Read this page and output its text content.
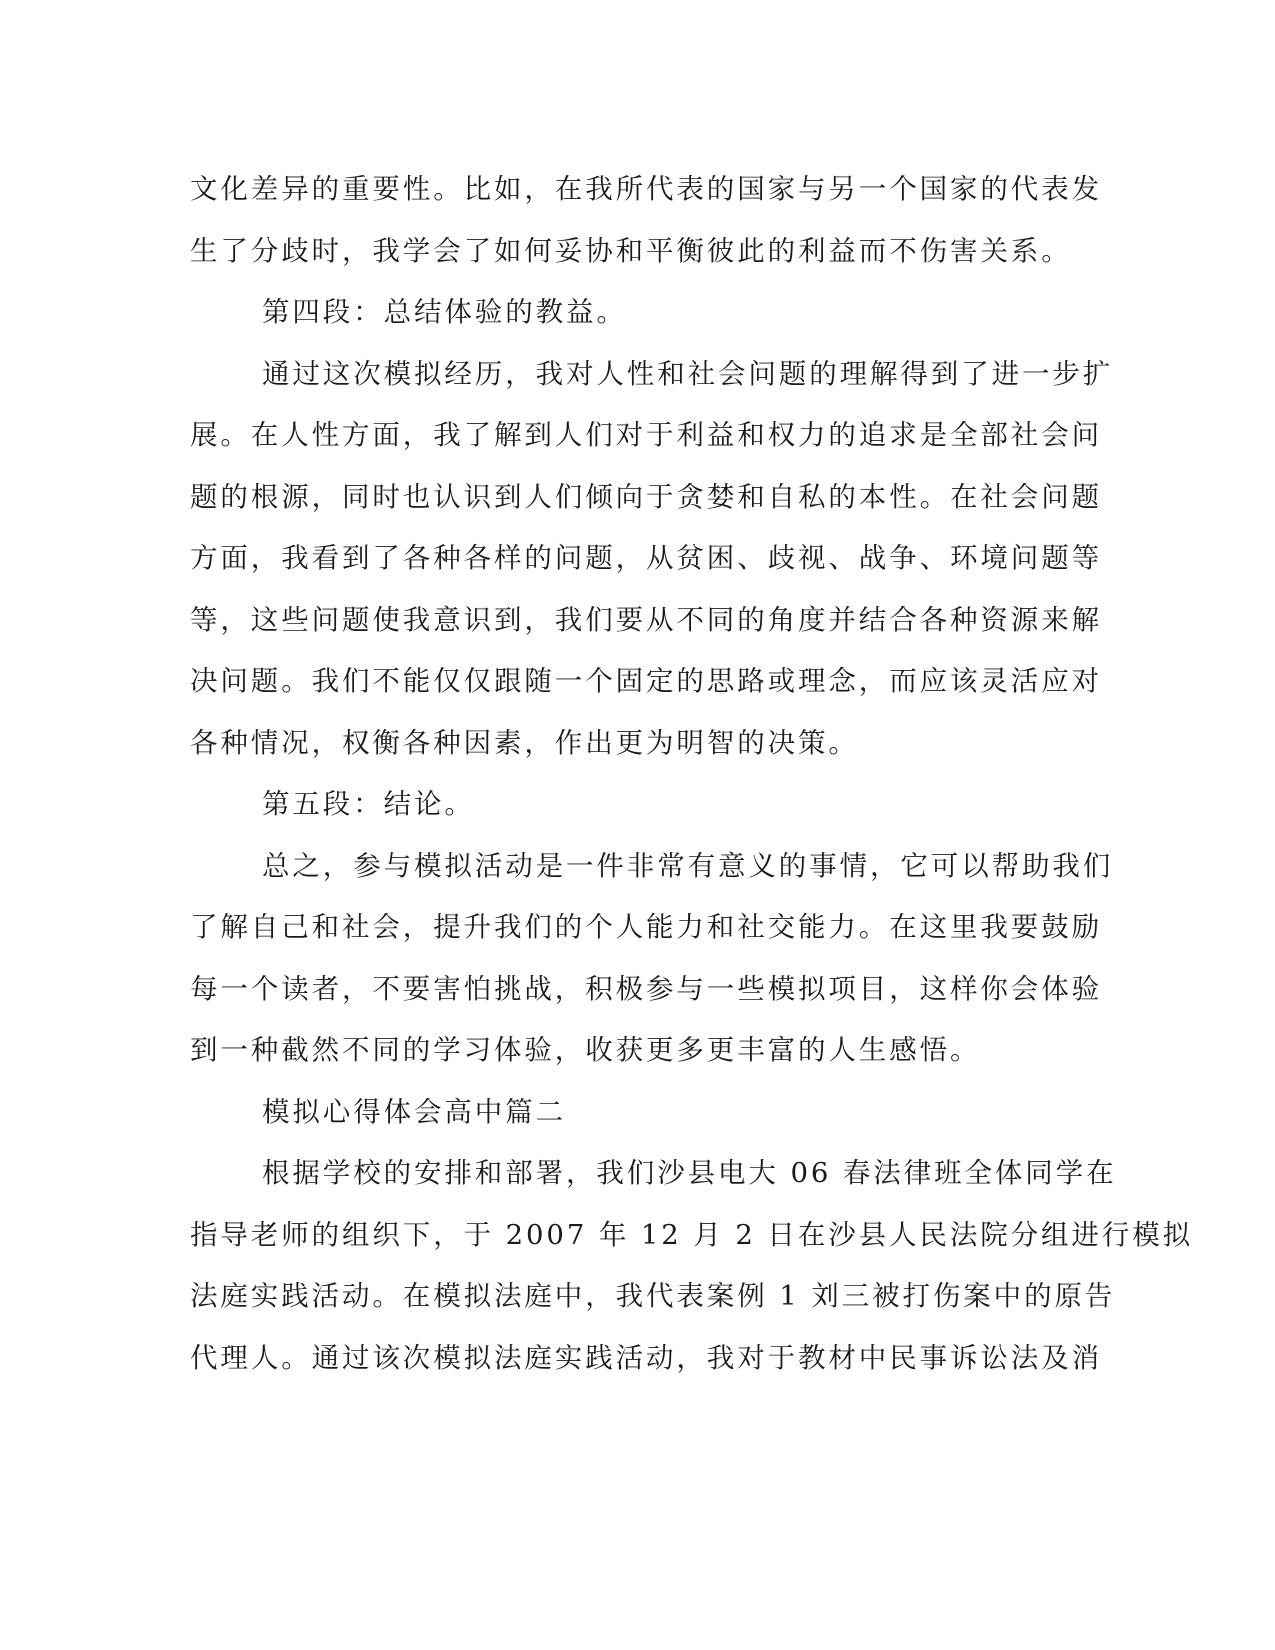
文化差异的重要性。比如，在我所代表的国家与另一个国家的代表发
生了分歧时，我学会了如何妥协和平衡彼此的利益而不伤害关系。
第四段：总结体验的教益。
通过这次模拟经历，我对人性和社会问题的理解得到了进一步扩
展。在人性方面，我了解到人们对于利益和权力的追求是全部社会问
题的根源，同时也认识到人们倾向于贪婪和自私的本性。在社会问题
方面，我看到了各种各样的问题，从贫困、歧视、战争、环境问题等
等，这些问题使我意识到，我们要从不同的角度并结合各种资源来解
决问题。我们不能仅仅跟随一个固定的思路或理念，而应该灵活应对
各种情况，权衡各种因素，作出更为明智的决策。
第五段：结论。
总之，参与模拟活动是一件非常有意义的事情，它可以帮助我们
了解自己和社会，提升我们的个人能力和社交能力。在这里我要鼓励
每一个读者，不要害怕挑战，积极参与一些模拟项目，这样你会体验
到一种截然不同的学习体验，收获更多更丰富的人生感悟。
模拟心得体会高中篇二
根据学校的安排和部署，我们沙县电大 06 春法律班全体同学在
指导老师的组织下，于 2007 年 12 月 2 日在沙县人民法院分组进行模拟
法庭实践活动。在模拟法庭中，我代表案例 1 刘三被打伤案中的原告
代理人。通过该次模拟法庭实践活动，我对于教材中民事诉讼法及消
